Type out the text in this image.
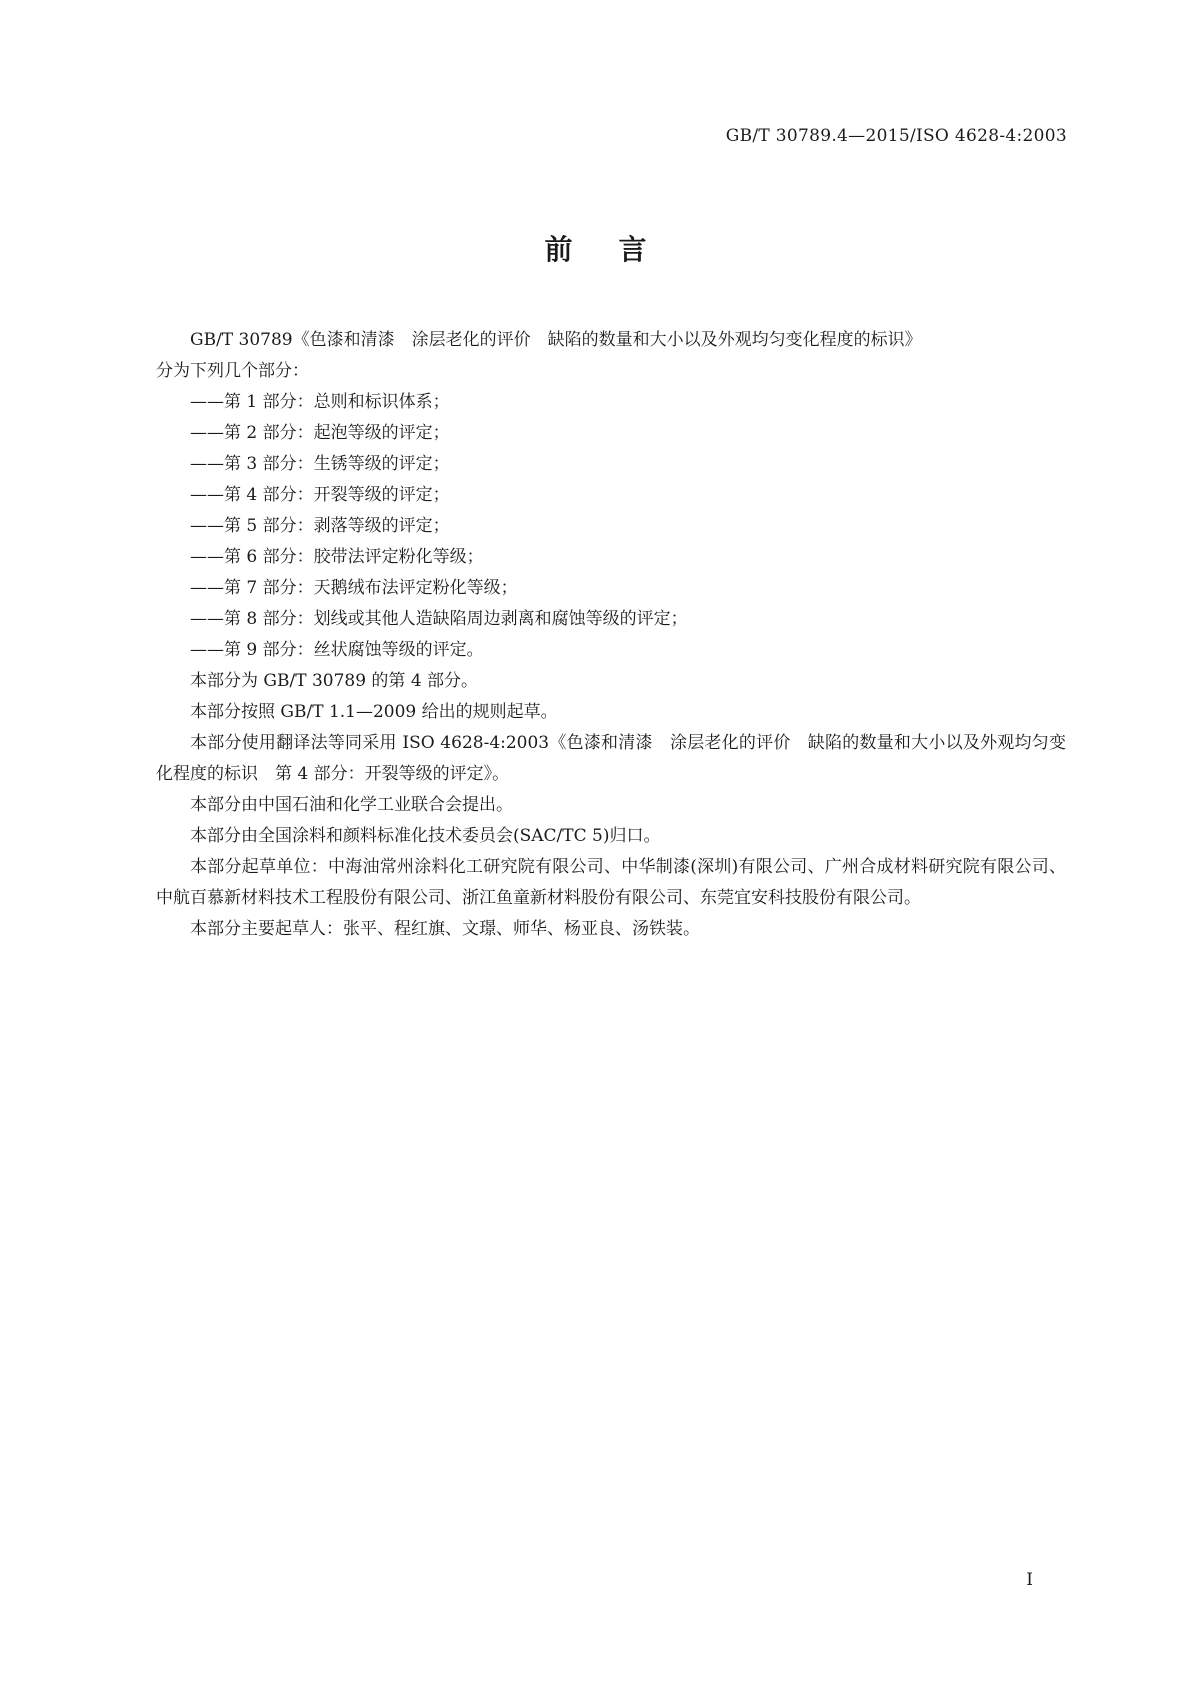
GB/T 30789.4—2015/ISO 4628-4:2003
前言

GB/T 30789《色漆和清漆　涂层老化的评价　缺陷的数量和大小以及外观均匀变化程度的标识》

分为下列几个部分：

——第 1 部分：总则和标识体系；

——第 2 部分：起泡等级的评定；

——第 3 部分：生锈等级的评定；

——第 4 部分：开裂等级的评定；

——第 5 部分：剥落等级的评定；

——第 6 部分：胶带法评定粉化等级；

——第 7 部分：天鹅绒布法评定粉化等级；

——第 8 部分：划线或其他人造缺陷周边剥离和腐蚀等级的评定；

——第 9 部分：丝状腐蚀等级的评定。

本部分为 GB/T 30789 的第 4 部分。

本部分按照 GB/T 1.1—2009 给出的规则起草。

本部分使用翻译法等同采用 ISO 4628-4:2003《色漆和清漆　涂层老化的评价　缺陷的数量和大小以及外观均匀变化程度的标识　第 4 部分：开裂等级的评定》。

本部分由中国石油和化学工业联合会提出。

本部分由全国涂料和颜料标准化技术委员会(SAC/TC 5)归口。

本部分起草单位：中海油常州涂料化工研究院有限公司、中华制漆(深圳)有限公司、广州合成材料研究院有限公司、中航百慕新材料技术工程股份有限公司、浙江鱼童新材料股份有限公司、东莞宜安科技股份有限公司。

本部分主要起草人：张平、程红旗、文璟、师华、杨亚良、汤铁装。

I
